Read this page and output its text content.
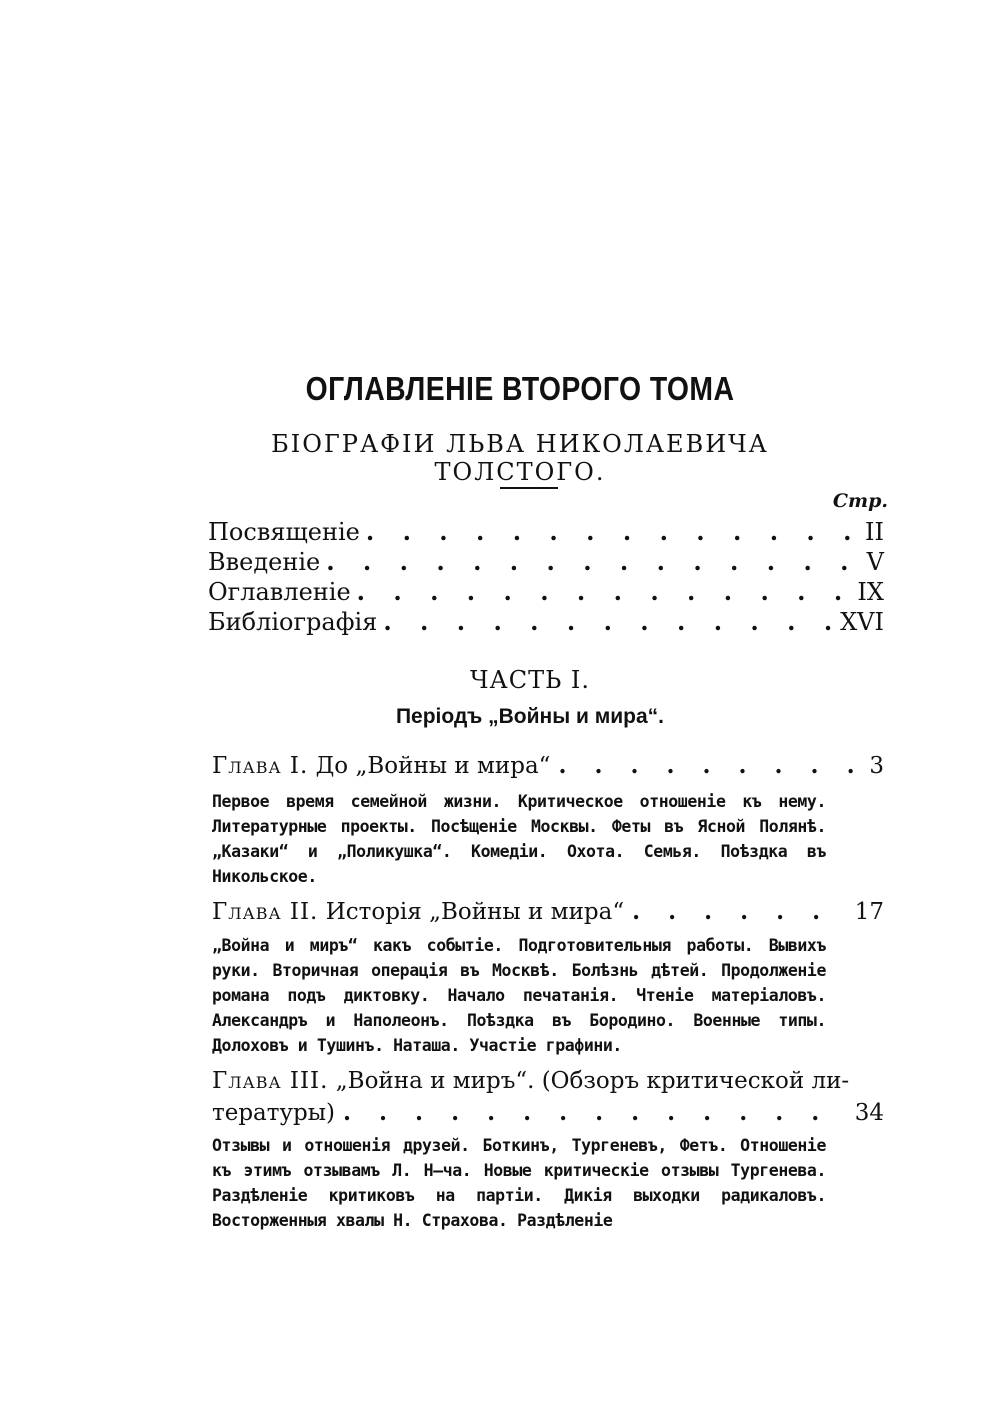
ОГЛАВЛЕНІЕ ВТОРОГО ТОМА
БІОГРАФІИ ЛЬВА НИКОЛАЕВИЧА ТОЛСТОГО.
Стр.
Посвященіе . . .	II
Введеніе . . .	V
Оглавленіе . . .	IX
Библіографія . . .	XVI
ЧАСТЬ I.
Періодъ „Войны и мира“.
Глава I. До „Войны и мира“ . . .	3
Первое время семейной жизни. Критическое отношеніе къ нему. Литературные проекты. Посѣщеніе Москвы. Феты въ Ясной Полянѣ. „Казаки“ и „Поликушка“. Комедіи. Охота. Семья. Поѣздка въ Никольское.
Глава II. Исторія „Войны и мира“ . . .	17
„Война и миръ“ какъ событіе. Подготовительныя работы. Вывихъ руки. Вторичная операція въ Москвѣ. Болѣзнь дѣтей. Продолженіе романа подъ диктовку. Начало печатанія. Чтеніе матеріаловъ. Александръ и Наполеонъ. Поѣздка въ Бородино. Военные типы. Долоховъ и Тушинъ. Наташа. Участіе графини.
Глава III. „Война и миръ“. (Обзоръ критической ли-
тературы) . . .	34
Отзывы и отношенія друзей. Боткинъ, Тургеневъ, Фетъ. Отношеніе къ этимъ отзывамъ Л. Н—ча. Новые критическіе отзывы Тургенева. Раздѣленіе критиковъ на партіи. Дикія выходки радикаловъ. Восторженныя хвалы Н. Страхова. Раздѣленіе
